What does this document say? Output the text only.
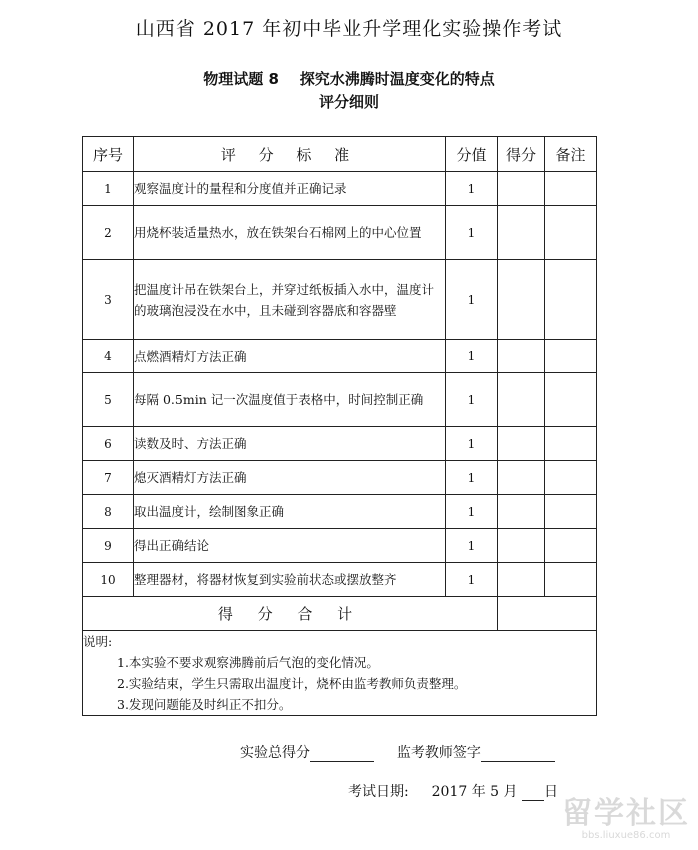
山西省 2017 年初中毕业升学理化实验操作考试
物理试题 8    探究水沸腾时温度变化的特点
评分细则
序号	评 分 标 准	分值	得分	备注
1	观察温度计的量程和分度值并正确记录	1		
2	用烧杯装适量热水，放在铁架台石棉网上的中心位置	1		
3	把温度计吊在铁架台上，并穿过纸板插入水中，温度计的玻璃泡浸没在水中，且未碰到容器底和容器壁	1		
4	点燃酒精灯方法正确	1		
5	每隔 0.5min 记一次温度值于表格中，时间控制正确	1		
6	读数及时、方法正确	1		
7	熄灭酒精灯方法正确	1		
8	取出温度计，绘制图象正确	1		
9	得出正确结论	1		
10	整理器材，将器材恢复到实验前状态或摆放整齐	1		
得 分 合 计				

说明:
1.本实验不要求观察沸腾前后气泡的变化情况。
2.实验结束，学生只需取出温度计，烧杯由监考教师负责整理。
3.发现问题能及时纠正不扣分。				
实验总得分	监考教师签字
考试日期: 2017 年 5 月 日
留学社区
bbs.liuxue86.com
